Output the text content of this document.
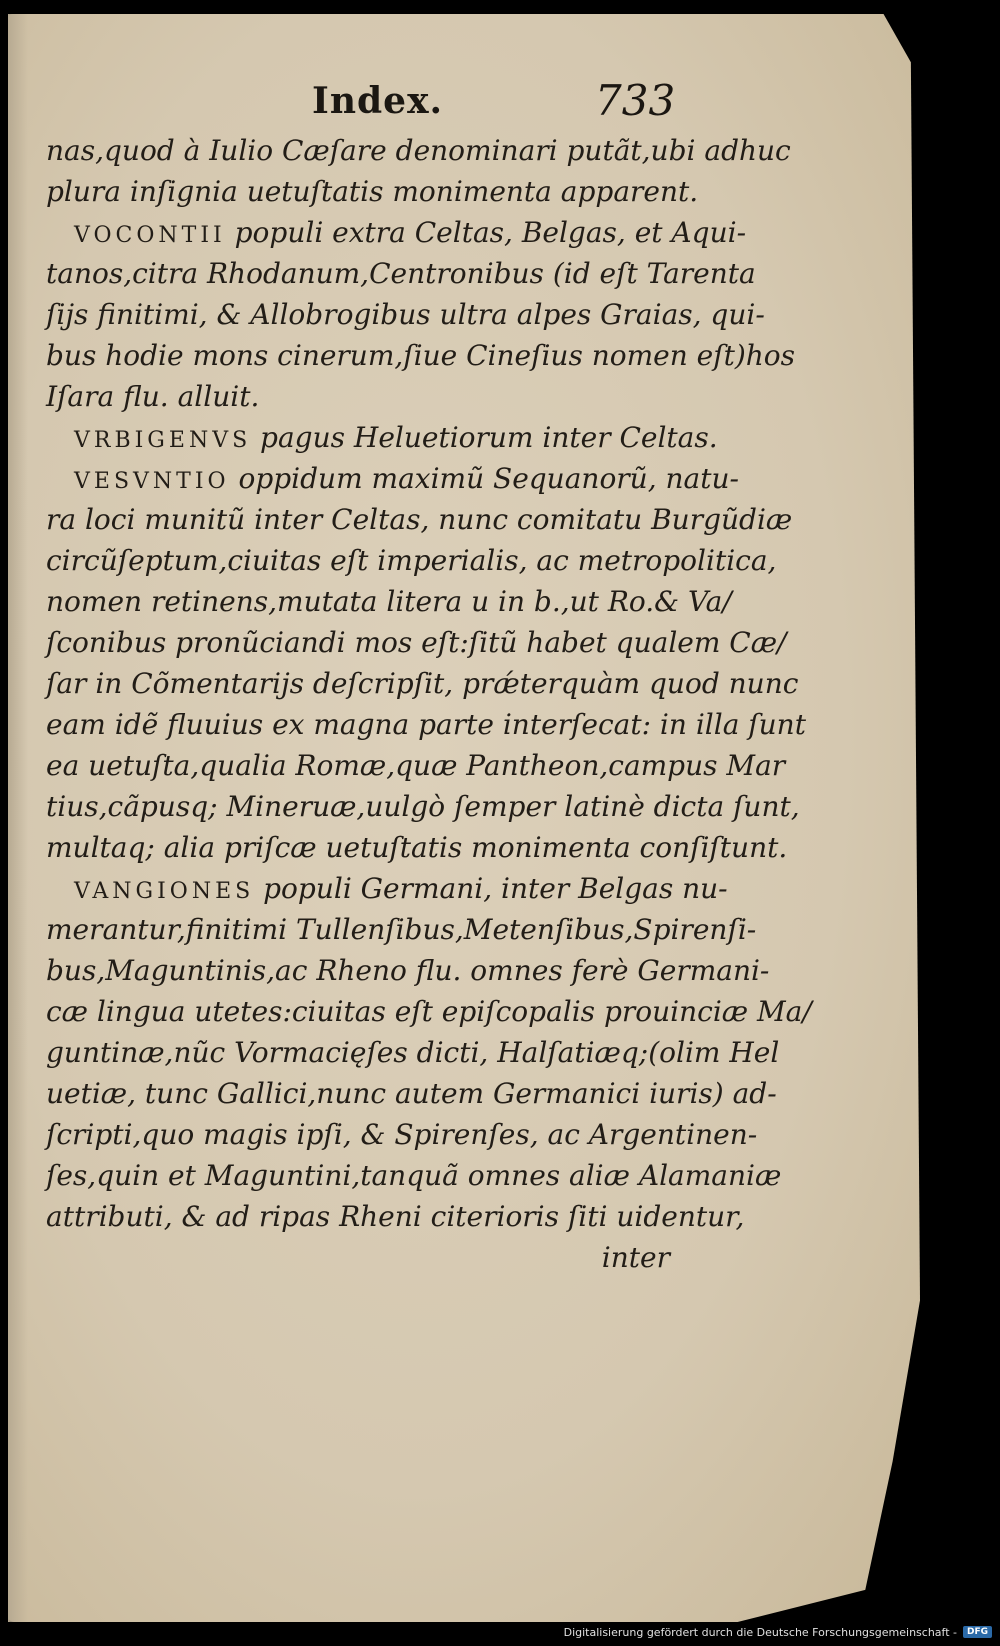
Index.	733
nas,quod à Iulio Cæſare denominari putãt,ubi adhuc
plura inſignia uetuſtatis monimenta apparent.
VOCONTII populi extra Celtas, Belgas, et Aqui-
tanos,citra Rhodanum,Centronibus (id eſt Tarenta
ſijs finitimi, & Allobrogibus ultra alpes Graias, qui-
bus hodie mons cinerum,ſiue Cineſius nomen eſt)hos
Iſara flu. alluit.
VRBIGENVS pagus Heluetiorum inter Celtas.
VESVNTIO oppidum maximũ Sequanorũ, natu-
ra loci munitũ inter Celtas, nunc comitatu Burgũdiæ
circũſeptum,ciuitas eſt imperialis, ac metropolitica,
nomen retinens,mutata litera u in b.,ut Ro.& Va/
ſconibus pronũciandi mos eſt:ſitũ habet qualem Cæ/
ſar in Cõmentarijs deſcripſit, prǽterquàm quod nunc
eam idẽ fluuius ex magna parte interſecat: in illa ſunt
ea uetuſta,qualia Romæ,quæ Pantheon,campus Mar
tius,cãpusq; Mineruæ,uulgò ſemper latinè dicta ſunt,
multaq; alia priſcæ uetuſtatis monimenta conſiſtunt.
VANGIONES populi Germani, inter Belgas nu-
merantur,finitimi Tullenſibus,Metenſibus,Spirenſi-
bus,Maguntinis,ac Rheno flu. omnes ferè Germani-
cæ lingua utetes:ciuitas eſt epiſcopalis prouinciæ Ma/
guntinæ,nũc Vormacięſes dicti, Halſatiæq;(olim Hel
uetiæ, tunc Gallici,nunc autem Germanici iuris) ad-
ſcripti,quo magis ipſi, & Spirenſes, ac Argentinen-
ſes,quin et Maguntini,tanquã omnes aliæ Alamaniæ
attributi, & ad ripas Rheni citerioris ſiti uidentur,
inter
Digitalisierung gefördert durch die Deutsche Forschungsgemeinschaft -	DFG
